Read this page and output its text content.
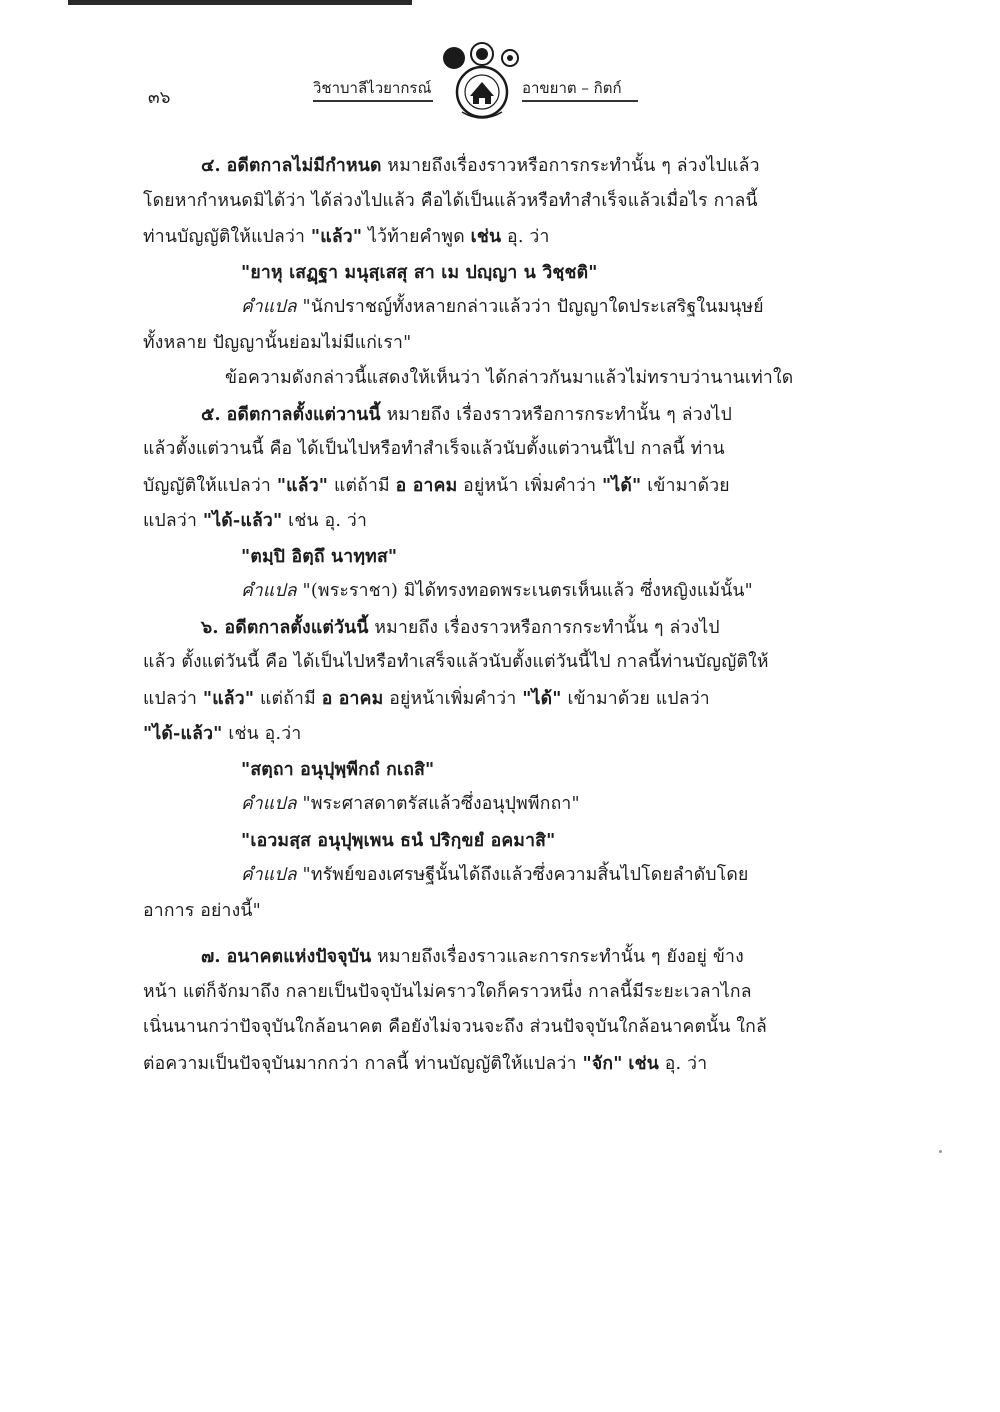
๓๖	วิชาบาลีไวยากรณ์	อาขยาต – กิตก์
๔. อดีตกาลไม่มีกำหนด หมายถึงเรื่องราวหรือการกระทำนั้น ๆ ล่วงไปแล้ว
โดยหากำหนดมิได้ว่า ได้ล่วงไปแล้ว คือได้เป็นแล้วหรือทำสำเร็จแล้วเมื่อไร กาลนี้
ท่านบัญญัติให้แปลว่า "แล้ว" ไว้ท้ายคำพูด เช่น อุ. ว่า
"ยาหุ เสฏฺฐา มนุสฺเสสุ สา เม ปญฺญา น วิชฺชติ"
คำแปล "นักปราชญ์ทั้งหลายกล่าวแล้วว่า ปัญญาใดประเสริฐในมนุษย์
ทั้งหลาย ปัญญานั้นย่อมไม่มีแก่เรา"
ข้อความดังกล่าวนี้แสดงให้เห็นว่า ได้กล่าวกันมาแล้วไม่ทราบว่านานเท่าใด
๕. อดีตกาลตั้งแต่วานนี้ หมายถึง เรื่องราวหรือการกระทำนั้น ๆ ล่วงไป
แล้วตั้งแต่วานนี้ คือ ได้เป็นไปหรือทำสำเร็จแล้วนับตั้งแต่วานนี้ไป กาลนี้ ท่าน
บัญญัติให้แปลว่า "แล้ว" แต่ถ้ามี อ อาคม อยู่หน้า เพิ่มคำว่า "ได้" เข้ามาด้วย
แปลว่า "ได้-แล้ว" เช่น อุ. ว่า
"ตมฺปิ อิตฺถึ นาทฺทส"
คำแปล "(พระราชา) มิได้ทรงทอดพระเนตรเห็นแล้ว ซึ่งหญิงแม้นั้น"
๖. อดีตกาลตั้งแต่วันนี้ หมายถึง เรื่องราวหรือการกระทำนั้น ๆ ล่วงไป
แล้ว ตั้งแต่วันนี้ คือ ได้เป็นไปหรือทำเสร็จแล้วนับตั้งแต่วันนี้ไป กาลนี้ท่านบัญญัติให้
แปลว่า "แล้ว" แต่ถ้ามี อ อาคม อยู่หน้าเพิ่มคำว่า "ได้" เข้ามาด้วย แปลว่า
"ได้-แล้ว" เช่น อุ.ว่า
"สตฺถา อนุปุพฺพีกถํ กเถสิ"
คำแปล "พระศาสดาตรัสแล้วซึ่งอนุปุพพีกถา"
"เอวมสฺส อนุปุพฺเพน ธนํ ปริกฺขยํ อคมาสิ"
คำแปล "ทรัพย์ของเศรษฐีนั้นได้ถึงแล้วซึ่งความสิ้นไปโดยลำดับโดย
อาการ อย่างนี้"
๗. อนาคตแห่งปัจจุบัน หมายถึงเรื่องราวและการกระทำนั้น ๆ ยังอยู่ ข้าง
หน้า แต่ก็จักมาถึง กลายเป็นปัจจุบันไม่คราวใดก็คราวหนึ่ง กาลนี้มีระยะเวลาไกล
เนิ่นนานกว่าปัจจุบันใกล้อนาคต คือยังไม่จวนจะถึง ส่วนปัจจุบันใกล้อนาคตนั้น ใกล้
ต่อความเป็นปัจจุบันมากกว่า กาลนี้ ท่านบัญญัติให้แปลว่า "จัก" เช่น อุ. ว่า
